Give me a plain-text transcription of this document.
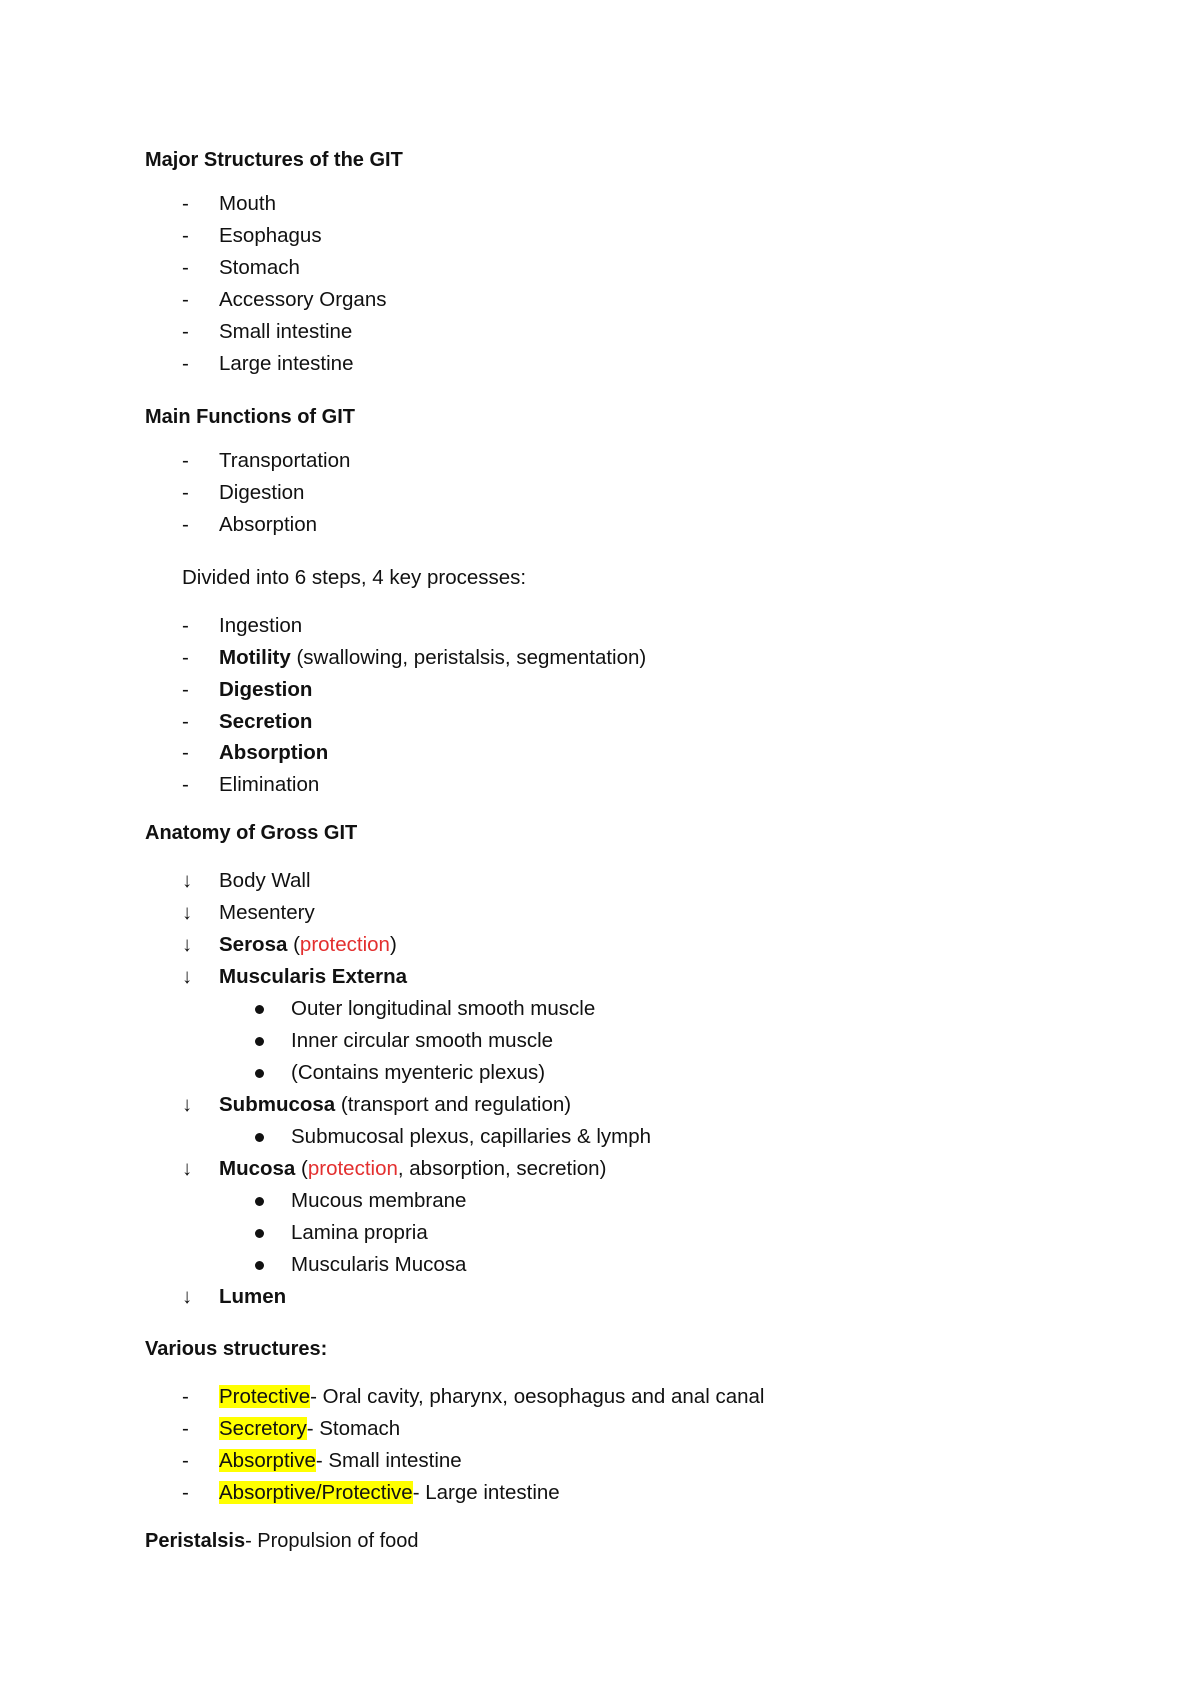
Major Structures of the GIT
-	Mouth
-	Esophagus
-	Stomach
-	Accessory Organs
-	Small intestine
-	Large intestine
Main Functions of GIT
-	Transportation
-	Digestion
-	Absorption
Divided into 6 steps, 4 key processes:
-	Ingestion
-	Motility (swallowing, peristalsis, segmentation)
-	Digestion
-	Secretion
-	Absorption
-	Elimination
Anatomy of Gross GIT
↓	Body Wall
↓	Mesentery
↓	Serosa (protection)
↓	Muscularis Externa
Outer longitudinal smooth muscle
Inner circular smooth muscle
(Contains myenteric plexus)
↓	Submucosa (transport and regulation)
Submucosal plexus, capillaries & lymph
↓	Mucosa (protection, absorption, secretion)
Mucous membrane
Lamina propria
Muscularis Mucosa
↓	Lumen
Various structures:
-	Protective- Oral cavity, pharynx, oesophagus and anal canal
-	Secretory- Stomach
-	Absorptive- Small intestine
-	Absorptive/Protective- Large intestine
Peristalsis- Propulsion of food
